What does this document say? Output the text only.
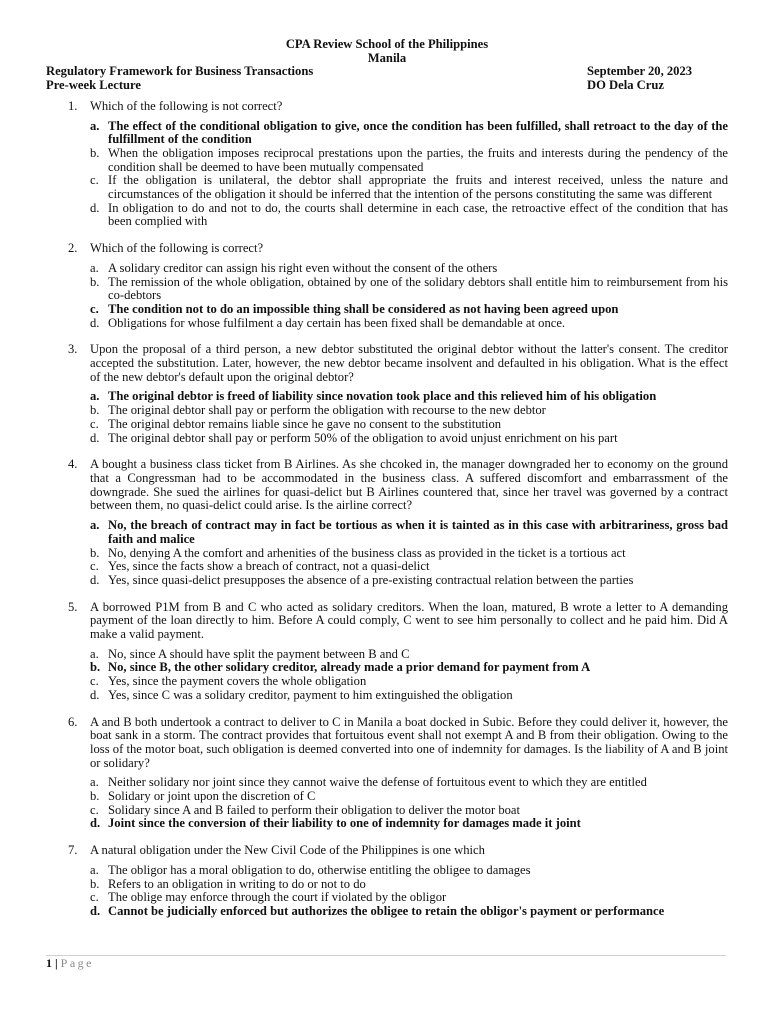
CPA Review School of the Philippines
Manila
Regulatory Framework for Business Transactions	September 20, 2023
Pre-week Lecture	DO Dela Cruz
1. Which of the following is not correct?
a. The effect of the conditional obligation to give, once the condition has been fulfilled, shall retroact to the day of the fulfillment of the condition
b. When the obligation imposes reciprocal prestations upon the parties, the fruits and interests during the pendency of the condition shall be deemed to have been mutually compensated
c. If the obligation is unilateral, the debtor shall appropriate the fruits and interest received, unless the nature and circumstances of the obligation it should be inferred that the intention of the persons constituting the same was different
d. In obligation to do and not to do, the courts shall determine in each case, the retroactive effect of the condition that has been complied with
2. Which of the following is correct?
a. A solidary creditor can assign his right even without the consent of the others
b. The remission of the whole obligation, obtained by one of the solidary debtors shall entitle him to reimbursement from his co-debtors
c. The condition not to do an impossible thing shall be considered as not having been agreed upon
d. Obligations for whose fulfilment a day certain has been fixed shall be demandable at once.
3. Upon the proposal of a third person, a new debtor substituted the original debtor without the latter's consent. The creditor accepted the substitution. Later, however, the new debtor became insolvent and defaulted in his obligation. What is the effect of the new debtor's default upon the original debtor?
a. The original debtor is freed of liability since novation took place and this relieved him of his obligation
b. The original debtor shall pay or perform the obligation with recourse to the new debtor
c. The original debtor remains liable since he gave no consent to the substitution
d. The original debtor shall pay or perform 50% of the obligation to avoid unjust enrichment on his part
4. A bought a business class ticket from B Airlines. As she chcoked in, the manager downgraded her to economy on the ground that a Congressman had to be accommodated in the business class. A suffered discomfort and embarrassment of the downgrade. She sued the airlines for quasi-delict but B Airlines countered that, since her travel was governed by a contract between them, no quasi-delict could arise. Is the airline correct?
a. No, the breach of contract may in fact be tortious as when it is tainted as in this case with arbitrariness, gross bad faith and malice
b. No, denying A the comfort and arhenities of the business class as provided in the ticket is a tortious act
c. Yes, since the facts show a breach of contract, not a quasi-delict
d. Yes, since quasi-delict presupposes the absence of a pre-existing contractual relation between the parties
5. A borrowed P1M from B and C who acted as solidary creditors. When the loan, matured, B wrote a letter to A demanding payment of the loan directly to him. Before A could comply, C went to see him personally to collect and he paid him. Did A make a valid payment.
a. No, since A should have split the payment between B and C
b. No, since B, the other solidary creditor, already made a prior demand for payment from A
c. Yes, since the payment covers the whole obligation
d. Yes, since C was a solidary creditor, payment to him extinguished the obligation
6. A and B both undertook a contract to deliver to C in Manila a boat docked in Subic. Before they could deliver it, however, the boat sank in a storm. The contract provides that fortuitous event shall not exempt A and B from their obligation. Owing to the loss of the motor boat, such obligation is deemed converted into one of indemnity for damages. Is the liability of A and B joint or solidary?
a. Neither solidary nor joint since they cannot waive the defense of fortuitous event to which they are entitled
b. Solidary or joint upon the discretion of C
c. Solidary since A and B failed to perform their obligation to deliver the motor boat
d. Joint since the conversion of their liability to one of indemnity for damages made it joint
7. A natural obligation under the New Civil Code of the Philippines is one which
a. The obligor has a moral obligation to do, otherwise entitling the obligee to damages
b. Refers to an obligation in writing to do or not to do
c. The oblige may enforce through the court if violated by the obligor
d. Cannot be judicially enforced but authorizes the obligee to retain the obligor's payment or performance
1 | Page
